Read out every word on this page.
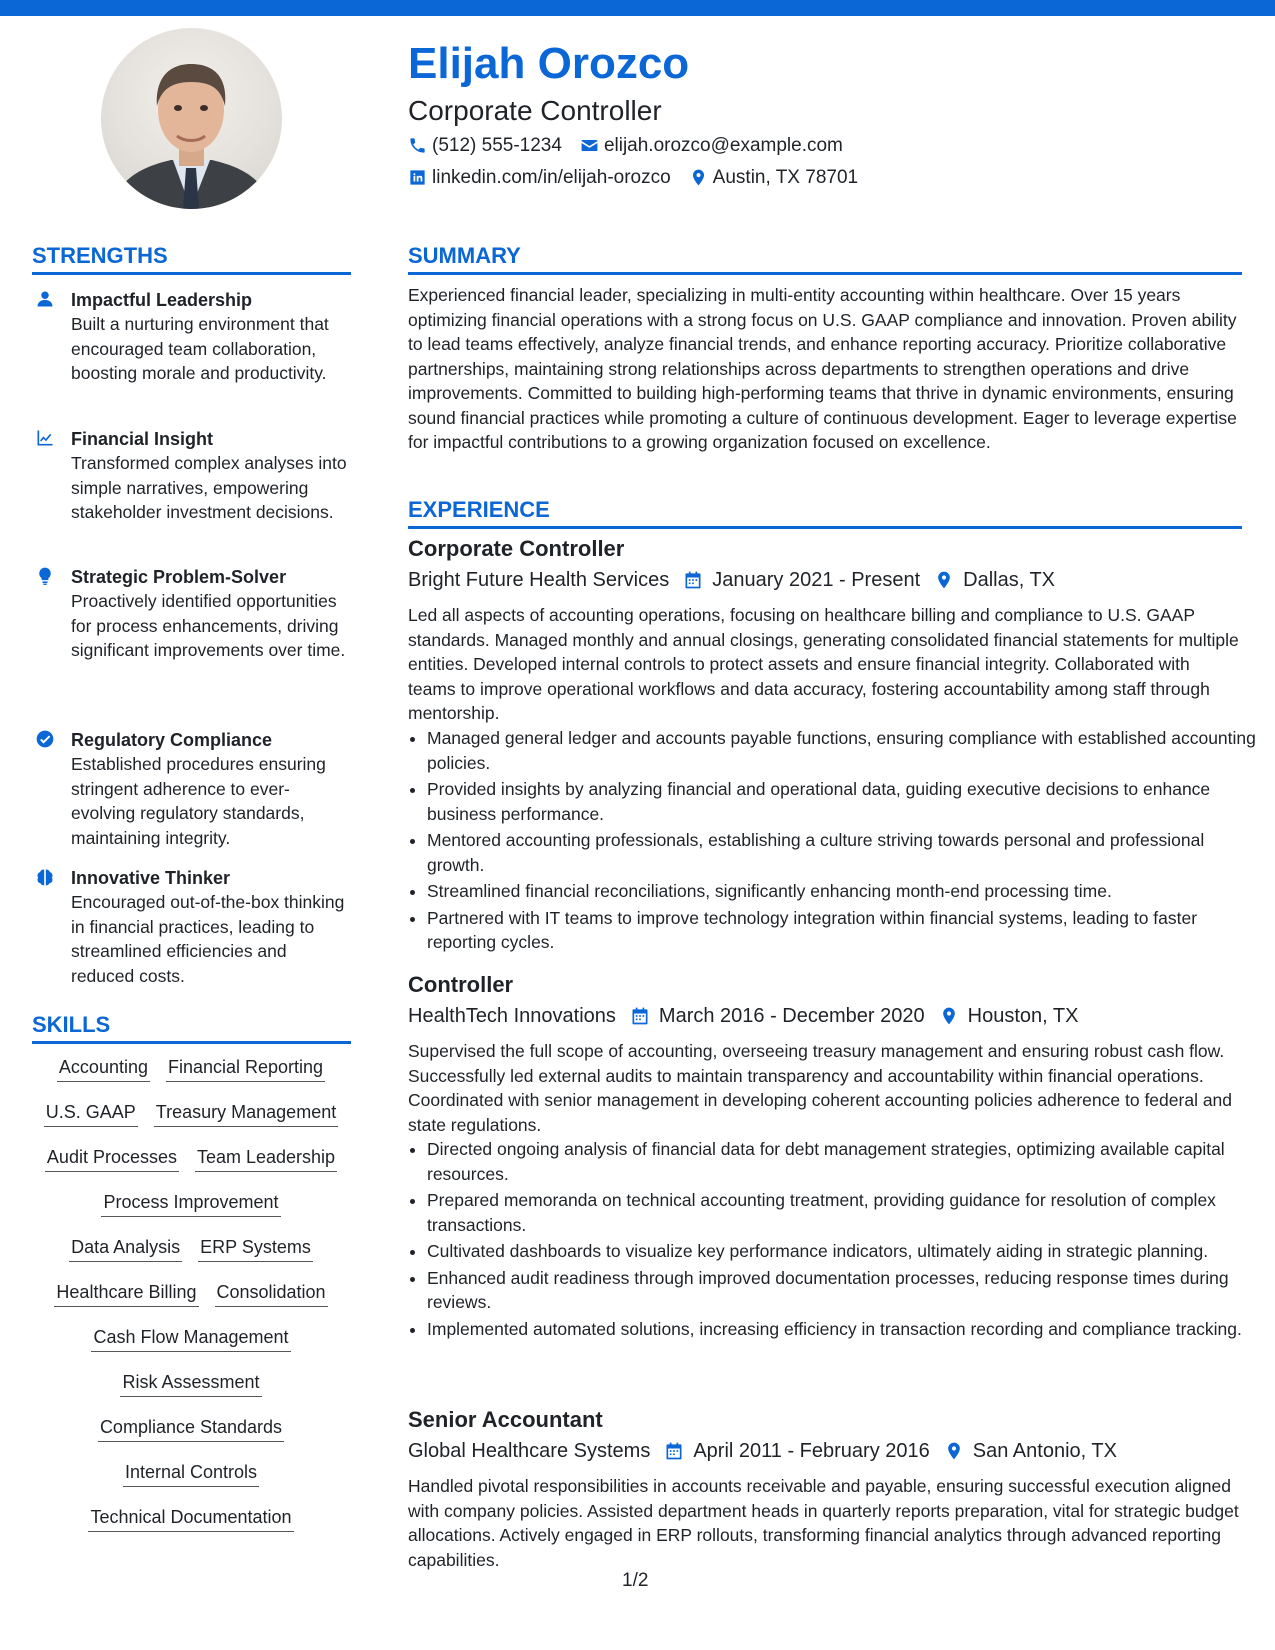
Elijah Orozco
Corporate Controller
(512) 555-1234 elijah.orozco@example.com
linkedin.com/in/elijah-orozco Austin, TX 78701
STRENGTHS
Impactful Leadership
Built a nurturing environment that encouraged team collaboration, boosting morale and productivity.
Financial Insight
Transformed complex analyses into simple narratives, empowering stakeholder investment decisions.
Strategic Problem-Solver
Proactively identified opportunities for process enhancements, driving significant improvements over time.
Regulatory Compliance
Established procedures ensuring stringent adherence to ever-evolving regulatory standards, maintaining integrity.
Innovative Thinker
Encouraged out-of-the-box thinking in financial practices, leading to streamlined efficiencies and reduced costs.
SKILLS
Accounting Financial Reporting
U.S. GAAP Treasury Management
Audit Processes Team Leadership
Process Improvement
Data Analysis ERP Systems
Healthcare Billing Consolidation
Cash Flow Management
Risk Assessment
Compliance Standards
Internal Controls
Technical Documentation
SUMMARY
Experienced financial leader, specializing in multi-entity accounting within healthcare. Over 15 years optimizing financial operations with a strong focus on U.S. GAAP compliance and innovation. Proven ability to lead teams effectively, analyze financial trends, and enhance reporting accuracy. Prioritize collaborative partnerships, maintaining strong relationships across departments to strengthen operations and drive improvements. Committed to building high-performing teams that thrive in dynamic environments, ensuring sound financial practices while promoting a culture of continuous development. Eager to leverage expertise for impactful contributions to a growing organization focused on excellence.
EXPERIENCE
Corporate Controller
Bright Future Health Services January 2021 - Present Dallas, TX
Led all aspects of accounting operations, focusing on healthcare billing and compliance to U.S. GAAP standards. Managed monthly and annual closings, generating consolidated financial statements for multiple entities. Developed internal controls to protect assets and ensure financial integrity. Collaborated with teams to improve operational workflows and data accuracy, fostering accountability among staff through mentorship.
• Managed general ledger and accounts payable functions, ensuring compliance with established accounting policies.
• Provided insights by analyzing financial and operational data, guiding executive decisions to enhance business performance.
• Mentored accounting professionals, establishing a culture striving towards personal and professional growth.
• Streamlined financial reconciliations, significantly enhancing month-end processing time.
• Partnered with IT teams to improve technology integration within financial systems, leading to faster reporting cycles.
Controller
HealthTech Innovations March 2016 - December 2020 Houston, TX
Supervised the full scope of accounting, overseeing treasury management and ensuring robust cash flow. Successfully led external audits to maintain transparency and accountability within financial operations. Coordinated with senior management in developing coherent accounting policies adherence to federal and state regulations.
• Directed ongoing analysis of financial data for debt management strategies, optimizing available capital resources.
• Prepared memoranda on technical accounting treatment, providing guidance for resolution of complex transactions.
• Cultivated dashboards to visualize key performance indicators, ultimately aiding in strategic planning.
• Enhanced audit readiness through improved documentation processes, reducing response times during reviews.
• Implemented automated solutions, increasing efficiency in transaction recording and compliance tracking.
Senior Accountant
Global Healthcare Systems April 2011 - February 2016 San Antonio, TX
Handled pivotal responsibilities in accounts receivable and payable, ensuring successful execution aligned with company policies. Assisted department heads in quarterly reports preparation, vital for strategic budget allocations. Actively engaged in ERP rollouts, transforming financial analytics through advanced reporting capabilities.
1/2
